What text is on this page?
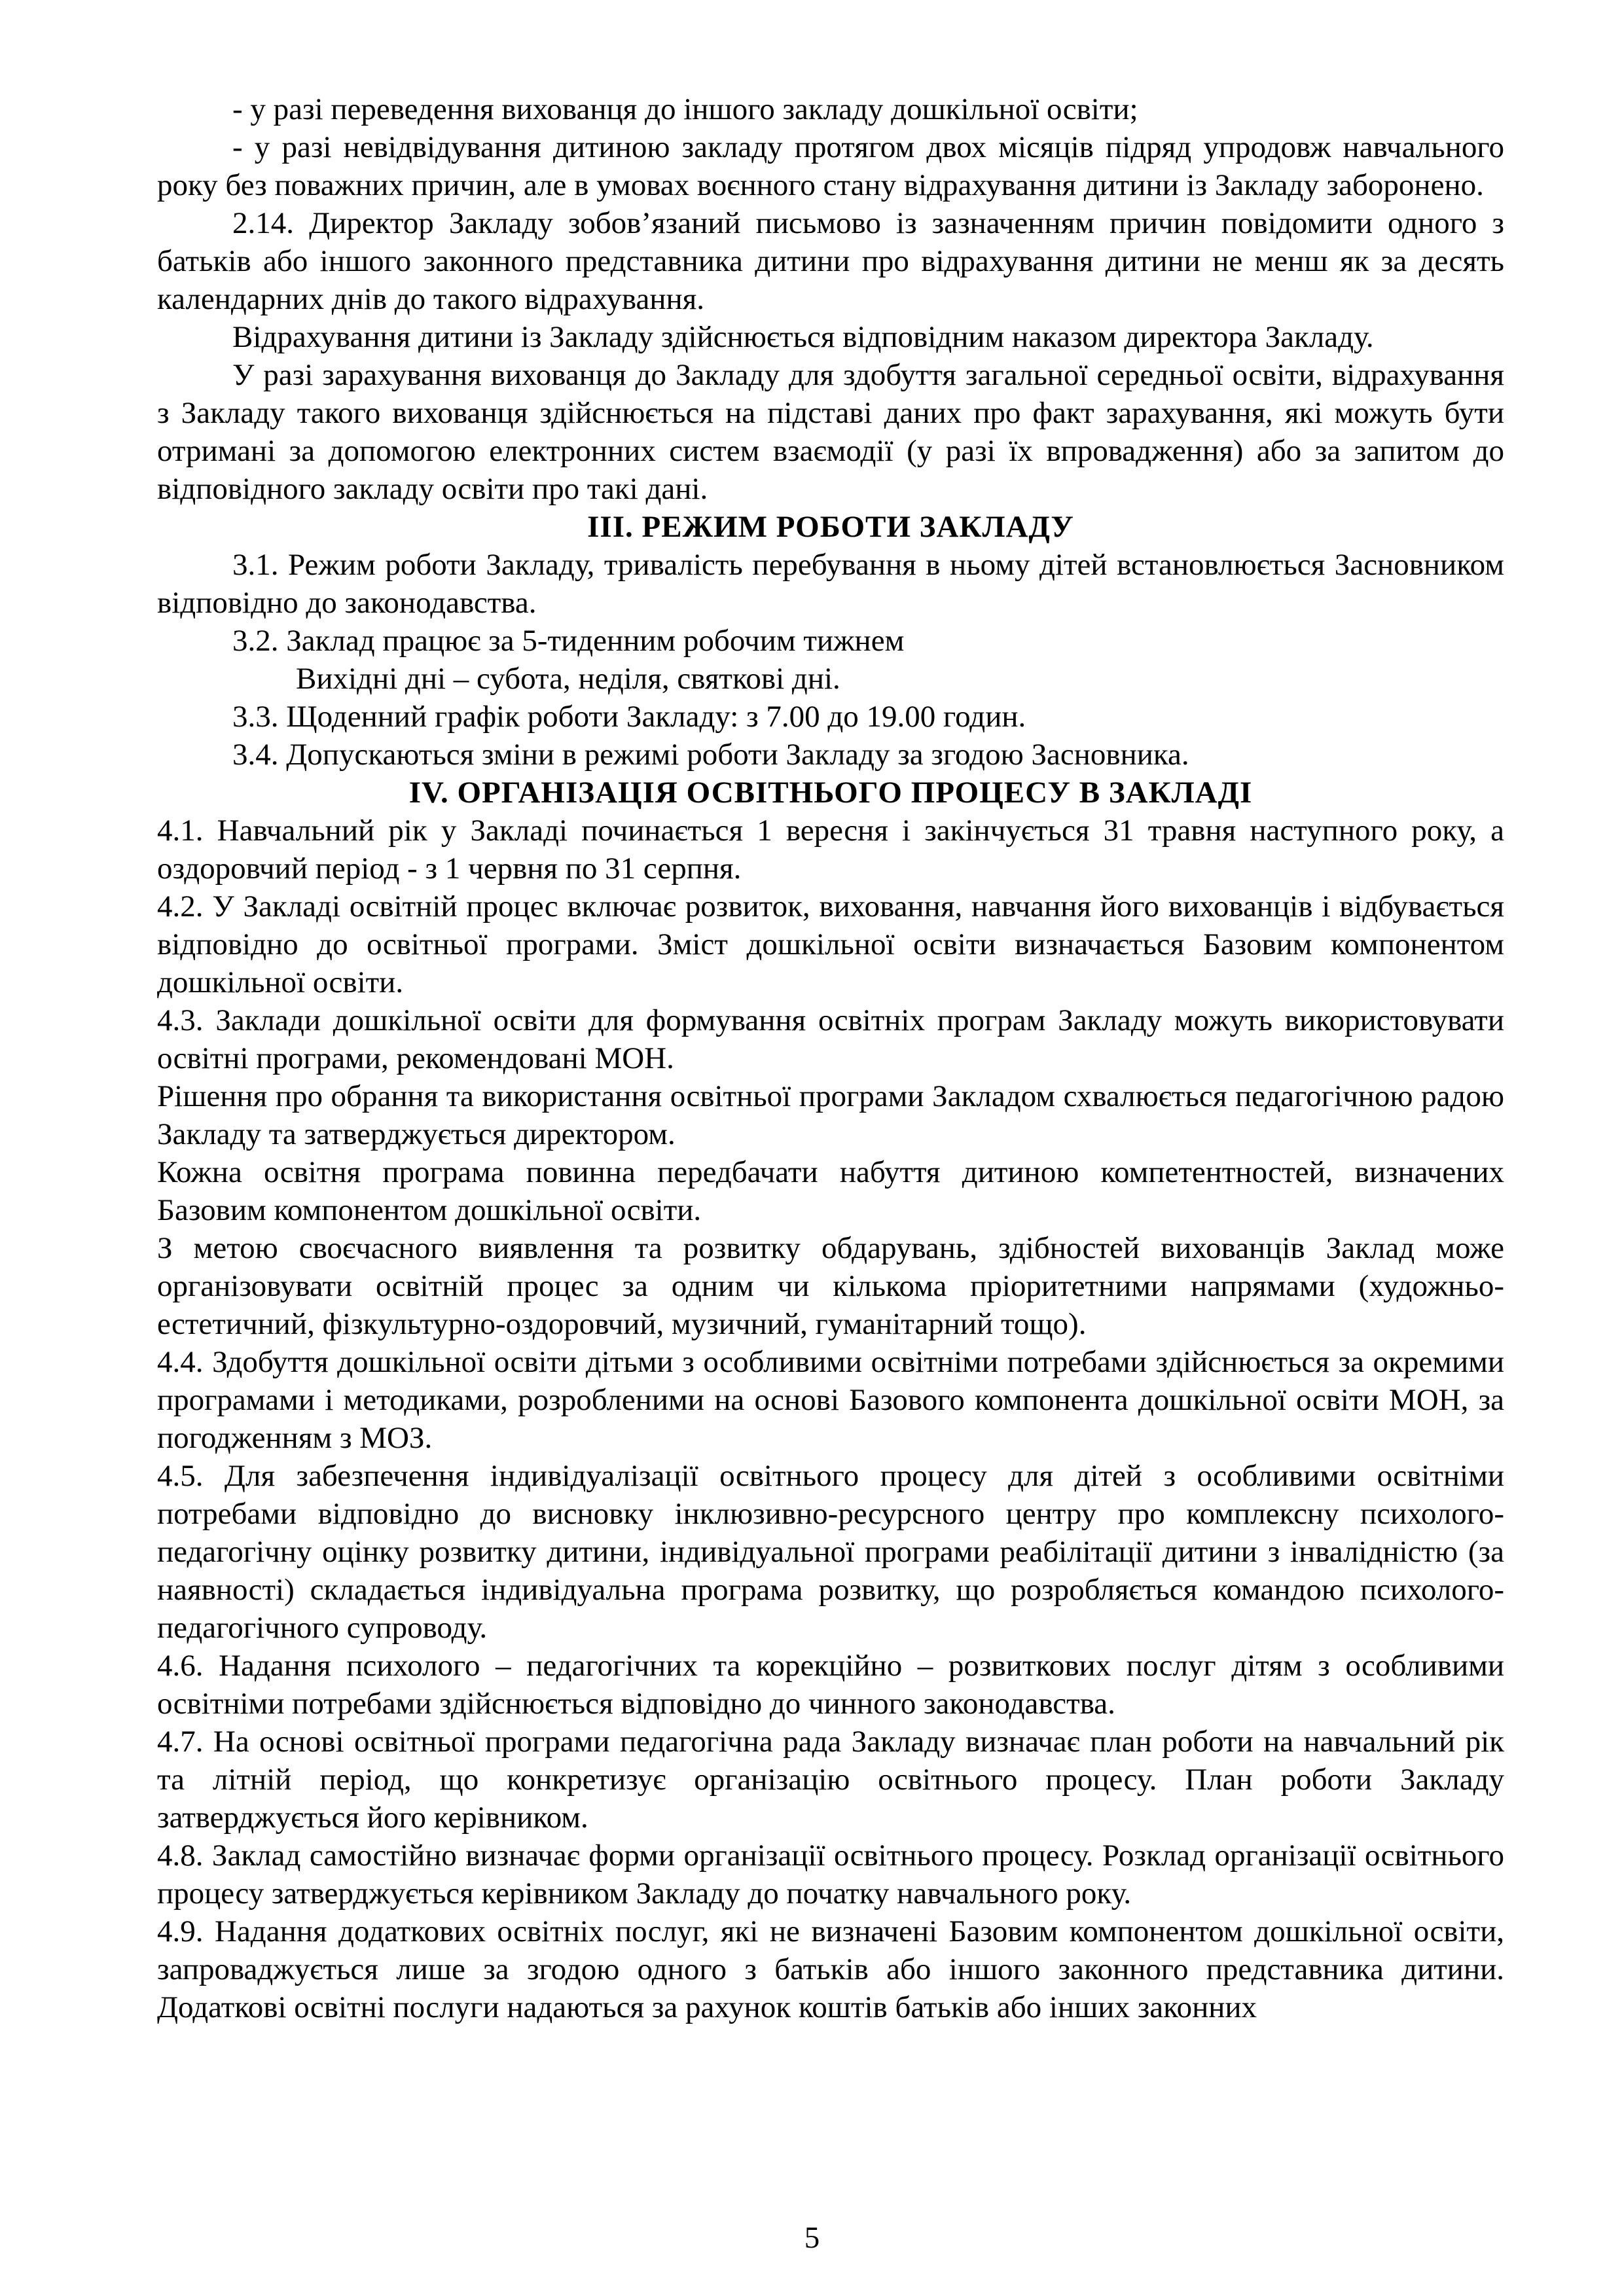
- у разі переведення вихованця до іншого закладу дошкільної освіти;

- у разі невідвідування дитиною закладу протягом двох місяців підряд упродовж навчального року без поважних причин, але в умовах воєнного стану відрахування дитини із Закладу заборонено.

2.14. Директор Закладу зобов’язаний письмово із зазначенням причин повідомити одного з батьків або іншого законного представника дитини про відрахування дитини не менш як за десять календарних днів до такого відрахування.

Відрахування дитини із Закладу здійснюється відповідним наказом директора Закладу.

У разі зарахування вихованця до Закладу для здобуття загальної середньої освіти, відрахування з Закладу такого вихованця здійснюється на підставі даних про факт зарахування, які можуть бути отримані за допомогою електронних систем взаємодії (у разі їх впровадження) або за запитом до відповідного закладу освіти про такі дані.

ІІІ. РЕЖИМ РОБОТИ ЗАКЛАДУ

3.1. Режим роботи Закладу, тривалість перебування в ньому дітей встановлюється Засновником відповідно до законодавства.

3.2. Заклад працює за 5-тиденним робочим тижнем

Вихідні дні – субота, неділя, святкові дні.

3.3. Щоденний графік роботи Закладу: з 7.00 до 19.00 годин.

3.4. Допускаються зміни в режимі роботи Закладу за згодою Засновника.

IV. ОРГАНІЗАЦІЯ ОСВІТНЬОГО ПРОЦЕСУ В ЗАКЛАДІ

4.1. Навчальний рік у Закладі починається 1 вересня і закінчується 31 травня наступного року, а оздоровчий період - з 1 червня по 31 серпня.

4.2. У Закладі освітній процес включає розвиток, виховання, навчання його вихованців і відбувається відповідно до освітньої програми. Зміст дошкільної освіти визначається Базовим компонентом дошкільної освіти.

4.3. Заклади дошкільної освіти для формування освітніх програм Закладу можуть використовувати освітні програми, рекомендовані МОН.

Рішення про обрання та використання освітньої програми Закладом схвалюється педагогічною радою Закладу та затверджується директором.

Кожна освітня програма повинна передбачати набуття дитиною компетентностей, визначених Базовим компонентом дошкільної освіти.

З метою своєчасного виявлення та розвитку обдарувань, здібностей вихованців Заклад може організовувати освітній процес за одним чи кількома пріоритетними напрямами (художньо-естетичний, фізкультурно-оздоровчий, музичний, гуманітарний тощо).

4.4. Здобуття дошкільної освіти дітьми з особливими освітніми потребами здійснюється за окремими програмами і методиками, розробленими на основі Базового компонента дошкільної освіти МОН, за погодженням з МОЗ.

4.5. Для забезпечення індивідуалізації освітнього процесу для дітей з особливими освітніми потребами відповідно до висновку інклюзивно-ресурсного центру про комплексну психолого-педагогічну оцінку розвитку дитини, індивідуальної програми реабілітації дитини з інвалідністю (за наявності) складається індивідуальна програма розвитку, що розробляється командою психолого-педагогічного супроводу.

4.6. Надання психолого – педагогічних та корекційно – розвиткових послуг дітям з особливими освітніми потребами здійснюється відповідно до чинного законодавства.

4.7. На основі освітньої програми педагогічна рада Закладу визначає план роботи на навчальний рік та літній період, що конкретизує організацію освітнього процесу. План роботи Закладу затверджується його керівником.

4.8. Заклад самостійно визначає форми організації освітнього процесу. Розклад організації освітнього процесу затверджується керівником Закладу до початку навчального року.

4.9. Надання додаткових освітніх послуг, які не визначені Базовим компонентом дошкільної освіти, запроваджується лише за згодою одного з батьків або іншого законного представника дитини. Додаткові освітні послуги надаються за рахунок коштів батьків або інших законних

5
